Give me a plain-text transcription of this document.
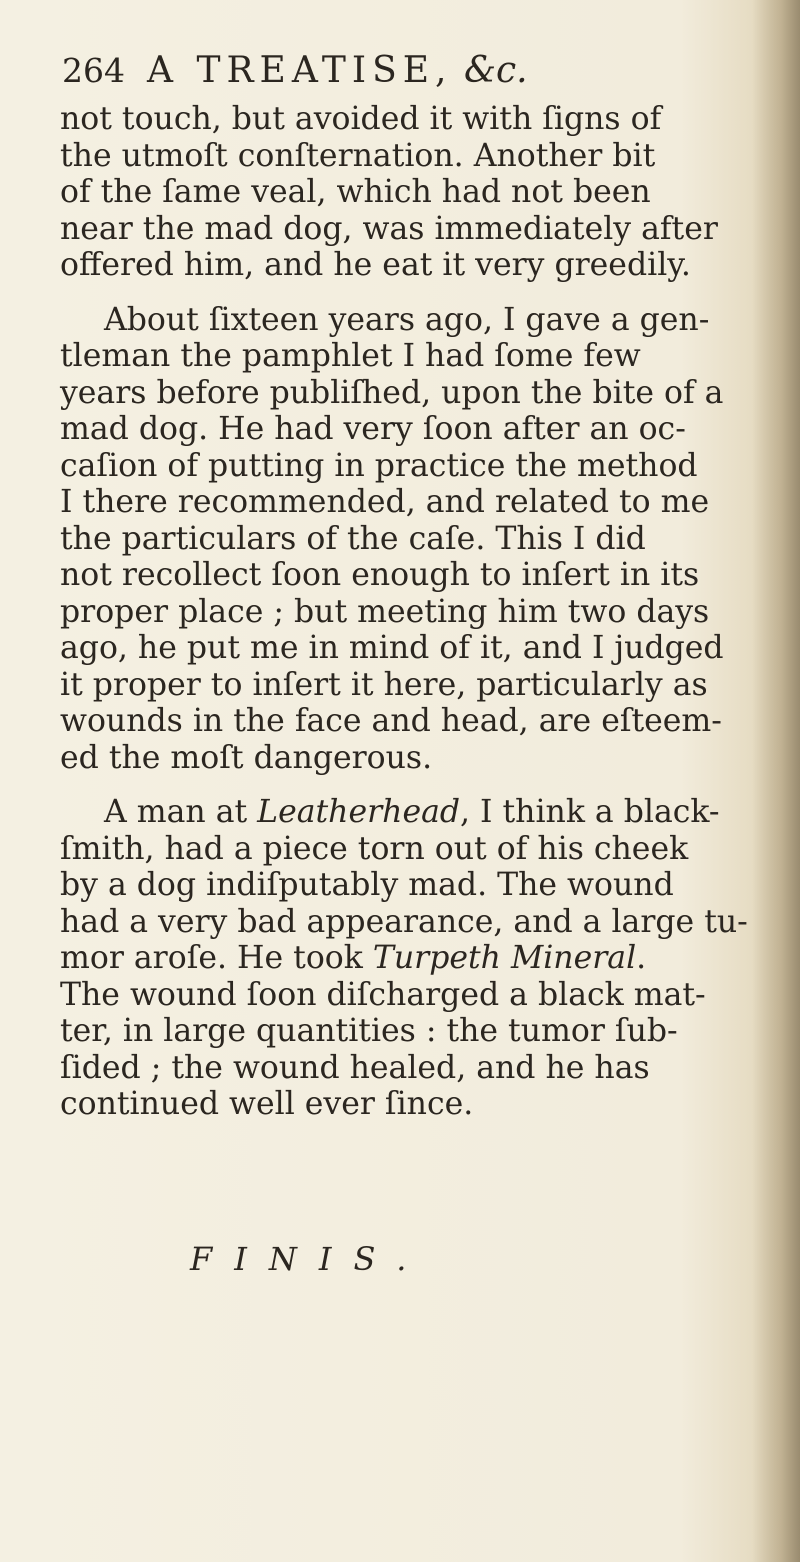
264 A TREATISE, &c.
not touch, but avoided it with ſigns of
the utmoſt conſternation. Another bit
of the ſame veal, which had not been
near the mad dog, was immediately after
offered him, and he eat it very greedily.
About ſixteen years ago, I gave a gen-
tleman the pamphlet I had ſome few
years before publiſhed, upon the bite of a
mad dog. He had very ſoon after an oc-
caſion of putting in practice the method
I there recommended, and related to me
the particulars of the caſe. This I did
not recollect ſoon enough to inſert in its
proper place ; but meeting him two days
ago, he put me in mind of it, and I judged
it proper to inſert it here, particularly as
wounds in the face and head, are eſteem-
ed the moſt dangerous.
A man at Leatherhead, I think a black-
ſmith, had a piece torn out of his cheek
by a dog indiſputably mad. The wound
had a very bad appearance, and a large tu-
mor aroſe. He took Turpeth Mineral.
The wound ſoon diſcharged a black mat-
ter, in large quantities : the tumor ſub-
ſided ; the wound healed, and he has
continued well ever ſince.
FINIS.
